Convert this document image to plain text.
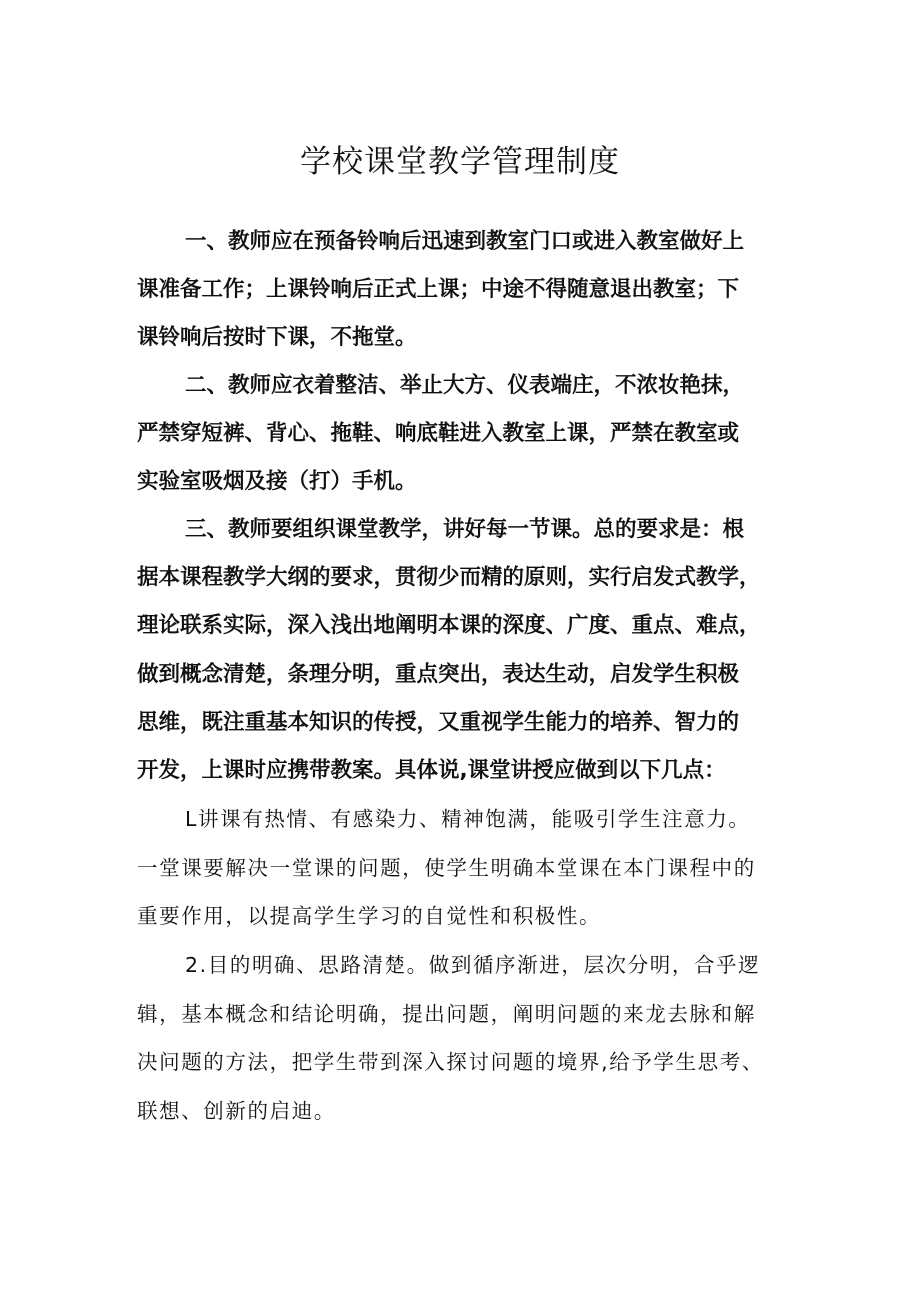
学校课堂教学管理制度
一、教师应在预备铃响后迅速到教室门口或进入教室做好上
课准备工作；上课铃响后正式上课；中途不得随意退出教室；下
课铃响后按时下课，不拖堂。
二、教师应衣着整洁、举止大方、仪表端庄，不浓妆艳抹，
严禁穿短裤、背心、拖鞋、响底鞋进入教室上课，严禁在教室或
实验室吸烟及接（打）手机。
三、教师要组织课堂教学，讲好每一节课。总的要求是：根
据本课程教学大纲的要求，贯彻少而精的原则，实行启发式教学，
理论联系实际，深入浅出地阐明本课的深度、广度、重点、难点，
做到概念清楚，条理分明，重点突出，表达生动，启发学生积极
思维，既注重基本知识的传授，又重视学生能力的培养、智力的
开发，上课时应携带教案。具体说,课堂讲授应做到以下几点：
L讲课有热情、有感染力、精神饱满，能吸引学生注意力。
一堂课要解决一堂课的问题，使学生明确本堂课在本门课程中的
重要作用，以提高学生学习的自觉性和积极性。
2.目的明确、思路清楚。做到循序渐进，层次分明，合乎逻
辑，基本概念和结论明确，提出问题，阐明问题的来龙去脉和解
决问题的方法，把学生带到深入探讨问题的境界,给予学生思考、
联想、创新的启迪。
